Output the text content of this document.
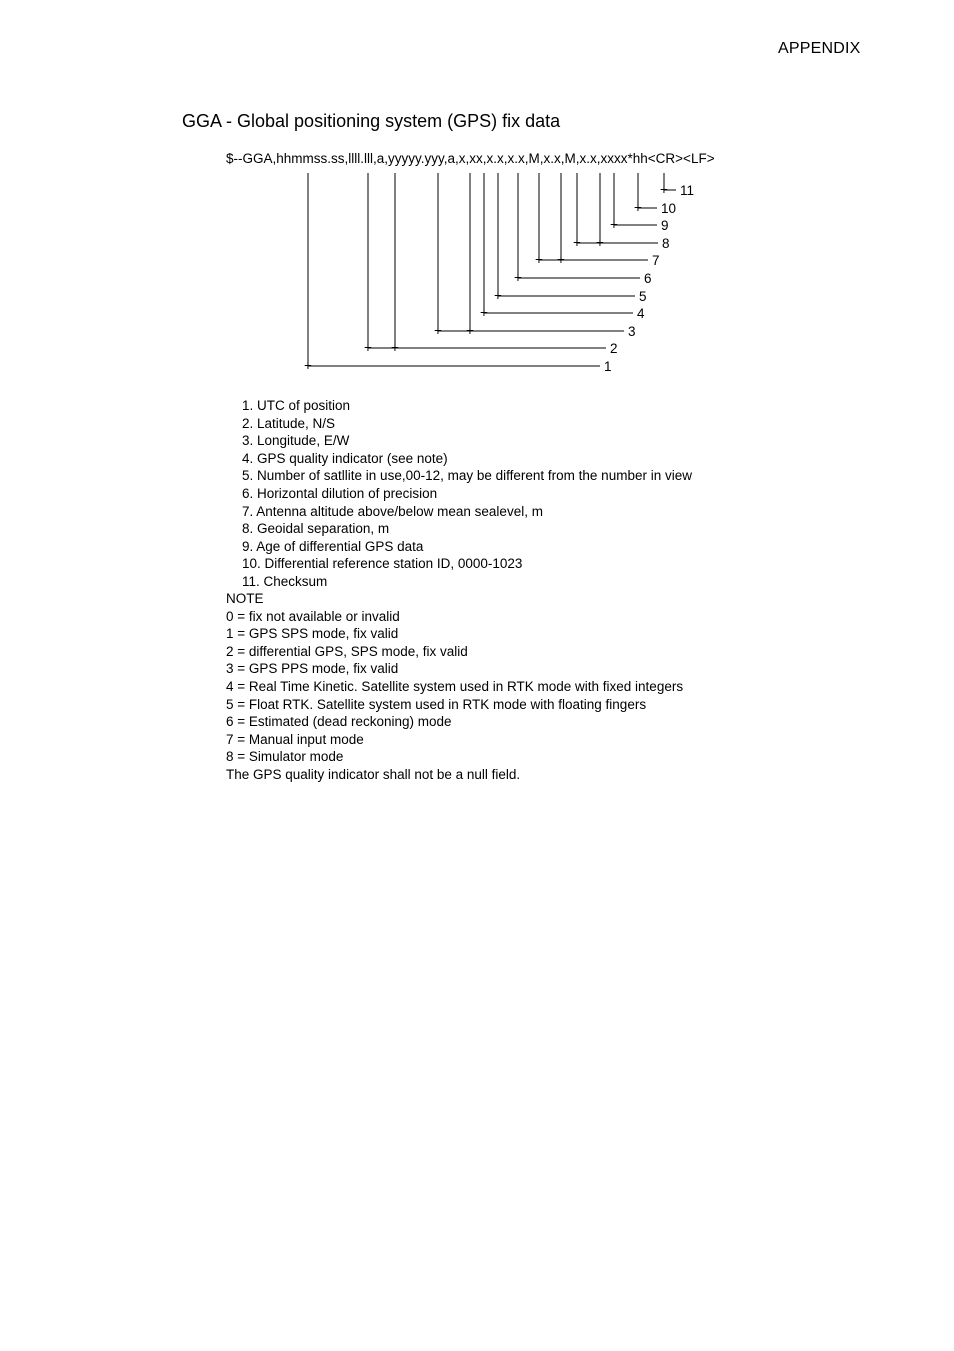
APPENDIX
GGA - Global positioning system (GPS) fix data
$--GGA,hhmmss.ss,llll.lll,a,yyyyy.yyy,a,x,xx,x.x,x.x,M,x.x,M,x.x,xxxx*hh<CR><LF>
+	1
+ +	2
+ +	3
+	4
+	5
+	6
+ +	7
+ +	8
+	9
+ 10
+ 11
1. UTC of position
2. Latitude, N/S
3. Longitude, E/W
4. GPS quality indicator (see note)
5. Number of satllite in use,00-12, may be different from the number in view
6. Horizontal dilution of precision
7. Antenna altitude above/below mean sealevel, m
8. Geoidal separation, m
9. Age of differential GPS data
10. Differential reference station ID, 0000-1023
11. Checksum
NOTE
0 = fix not available or invalid
1 = GPS SPS mode, fix valid
2 = differential GPS, SPS mode, fix valid
3 = GPS PPS mode, fix valid
4 = Real Time Kinetic. Satellite system used in RTK mode with fixed integers
5 = Float RTK. Satellite system used in RTK mode with floating fingers
6 = Estimated (dead reckoning) mode
7 = Manual input mode
8 = Simulator mode
The GPS quality indicator shall not be a null field.
